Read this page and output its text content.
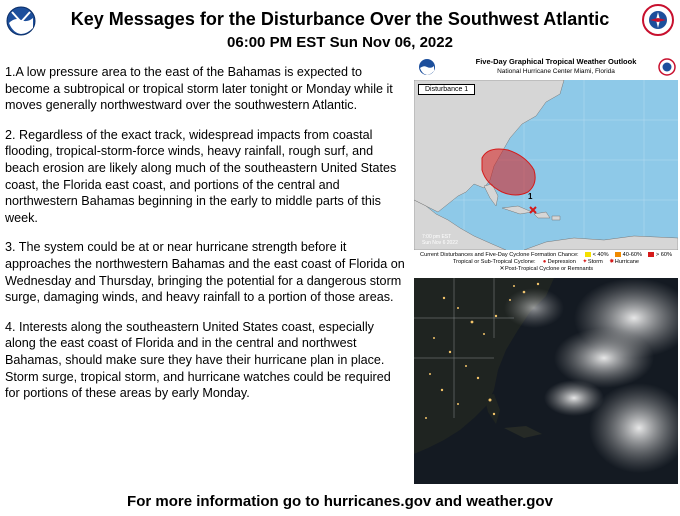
Key Messages for the Disturbance Over the Southwest Atlantic
06:00 PM EST Sun Nov 06, 2022

1.A low pressure area to the east of the Bahamas is expected to become a subtropical or tropical storm later tonight or Monday while it moves generally northwestward over the southwestern Atlantic.

2. Regardless of the exact track, widespread impacts from coastal flooding, tropical-storm-force winds, heavy rainfall, rough surf, and beach erosion are likely along much of the southeastern United States coast, the Florida east coast, and portions of the central and northwestern Bahamas beginning in the early to middle parts of this week.

3. The system could be at or near hurricane strength before it approaches the northwestern Bahamas and the east coast of Florida on Wednesday and Thursday, bringing the potential for a dangerous storm surge, damaging winds, and heavy rainfall to a portion of those areas.

4. Interests along the southeastern United States coast, especially along the east coast of Florida and in the central and northwest Bahamas, should make sure they have their hurricane plan in place. Storm surge, tropical storm, and hurricane watches could be required for portions of these areas by early Monday.

Five-Day Graphical Tropical Weather Outlook
National Hurricane Center Miami, Florida
Disturbance 1
1
7:00 pm EST
Sun Nov 6 2022
Current Disturbances and Five-Day Cyclone Formation Chance:	< 40%	40-60%	> 60%
Tropical or Sub-Tropical Cyclone: ●Depression ✦Storm ✸Hurricane
✕Post-Tropical Cyclone or Remnants
For more information go to hurricanes.gov and weather.gov
